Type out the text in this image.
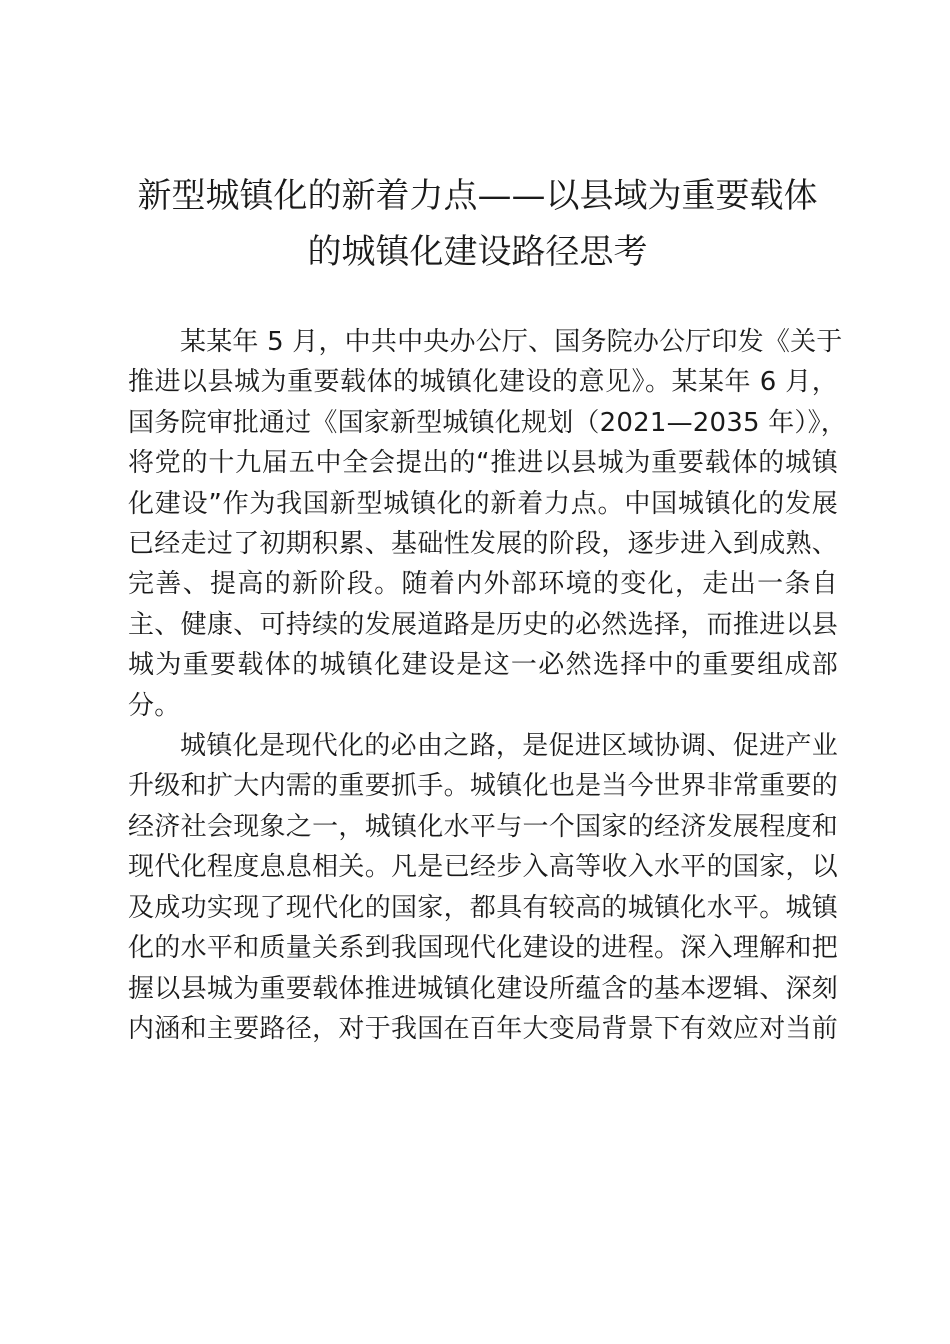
新型城镇化的新着力点——以县域为重要载体
的城镇化建设路径思考

某某年 5 月，中共中央办公厅、国务院办公厅印发《关于
推进以县城为重要载体的城镇化建设的意见》。某某年 6 月，
国务院审批通过《国家新型城镇化规划（2021—2035 年）》，
将党的十九届五中全会提出的“推进以县城为重要载体的城镇
化建设”作为我国新型城镇化的新着力点。中国城镇化的发展
已经走过了初期积累、基础性发展的阶段，逐步进入到成熟、
完善、提高的新阶段。随着内外部环境的变化，走出一条自
主、健康、可持续的发展道路是历史的必然选择，而推进以县
城为重要载体的城镇化建设是这一必然选择中的重要组成部
分。

城镇化是现代化的必由之路，是促进区域协调、促进产业
升级和扩大内需的重要抓手。城镇化也是当今世界非常重要的
经济社会现象之一，城镇化水平与一个国家的经济发展程度和
现代化程度息息相关。凡是已经步入高等收入水平的国家，以
及成功实现了现代化的国家，都具有较高的城镇化水平。城镇
化的水平和质量关系到我国现代化建设的进程。深入理解和把
握以县城为重要载体推进城镇化建设所蕴含的基本逻辑、深刻
内涵和主要路径，对于我国在百年大变局背景下有效应对当前
